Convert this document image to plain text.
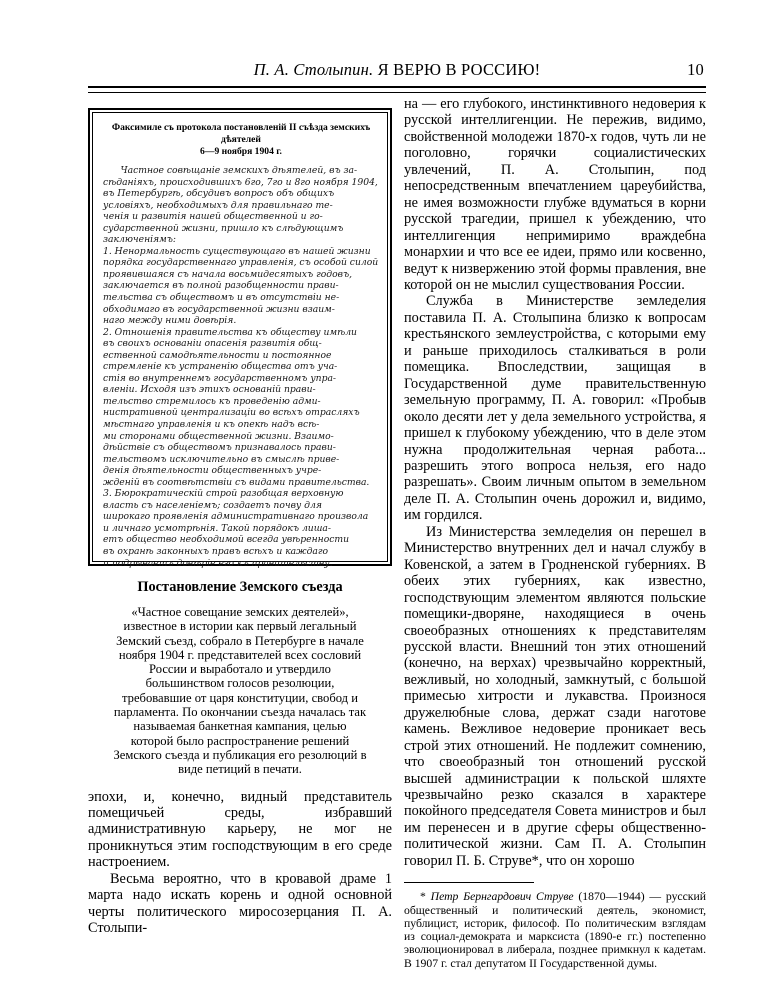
П. А. Столыпин. Я ВЕРЮ В РОССИЮ!	10
Факсимиле съ протокола постановленій II съѣзда земскихъ дѣятелей
6—9 ноября 1904 г.
Частное совѣщаніе земскихъ дѣятелей, въ за-
сѣданіяхъ, происходившихъ 6го, 7го и 8го ноября 1904,
въ Петербургѣ, обсудивъ вопросъ объ общихъ
условіяхъ, необходимыхъ для правильнаго те-
ченія и развитія нашей общественной и го-
сударственной жизни, пришло къ слѣдующимъ
заключеніямъ:
1. Ненормальность существующаго въ нашей жизни
порядка государственнаго управленія, съ особой силой
проявившаяся съ начала восьмидесятыхъ годовъ,
заключается въ полной разобщенности прави-
тельства съ обществомъ и въ отсутствіи не-
обходимаго въ государственной жизни взаим-
наго между ними довѣрія.
2. Отношенія правительства къ обществу имѣли
въ своихъ основаніи опасенія развитія общ-
ественной самодѣятельности и постоянное
стремленіе къ устраненію общества отъ уча-
стія во внутреннемъ государственномъ упра-
вленіи. Исходя изъ этихъ основаній прави-
тельство стремилось къ проведенію адми-
нистративной централизаціи во всѣхъ отрасляхъ
мѣстнаго управленія и къ опекѣ надъ всѣ-
ми сторонами общественной жизни. Взаимо-
дѣйствіе съ обществомъ признавалось прави-
тельствомъ исключительно въ смыслѣ приве-
денія дѣятельности общественныхъ учре-
жденій въ соотвѣтствіи съ видами правительства.
3. Бюрократическій строй разобщая верховную
власть съ населеніемъ; создаетъ почву для
широкаго проявленія административнаго произвола
и личнаго усмотрѣнія. Такой порядокъ лиша-
етъ общество необходимой всегда увѣренности
въ охранѣ законныхъ правъ всѣхъ и каждаго
и подрываетъ довѣріе его къ правительству.
Постановление Земского съезда
«Частное совещание земских деятелей», известное в истории как первый легальный Земский съезд, собрало в Петербурге в начале ноября 1904 г. представителей всех сословий России и выработало и утвердило большинством голосов резолюции, требовавшие от царя конституции, свобод и парламента. По окончании съезда началась так называемая банкетная кампания, целью которой было распространение решений Земского съезда и публикация его резолюций в виде петиций в печати.

эпохи, и, конечно, видный представитель помещичьей среды, избравший административную карьеру, не мог не проникнуться этим господствующим в его среде настроением.

Весьма вероятно, что в кровавой драме 1 марта надо искать корень и одной основной черты политического миросозерцания П. А. Столыпи-

на — его глубокого, инстинктивного недоверия к русской интеллигенции. Не пережив, видимо, свойственной молодежи 1870-х годов, чуть ли не поголовно, горячки социалистических увлечений, П. А. Столыпин, под непосредственным впечатлением цареубийства, не имея возможности глубже вдуматься в корни русской трагедии, пришел к убеждению, что интеллигенция непримиримо враждебна монархии и что все ее идеи, прямо или косвенно, ведут к низвержению этой формы правления, вне которой он не мыслил существования России.

Служба в Министерстве земледелия поставила П. А. Столыпина близко к вопросам крестьянского землеустройства, с которыми ему и раньше приходилось сталкиваться в роли помещика. Впоследствии, защищая в Государственной думе правительственную земельную программу, П. А. говорил: «Пробыв около десяти лет у дела земельного устройства, я пришел к глубокому убеждению, что в деле этом нужна продолжительная черная работа... разрешить этого вопроса нельзя, его надо разрешать». Своим личным опытом в земельном деле П. А. Столыпин очень дорожил и, видимо, им гордился.

Из Министерства земледелия он перешел в Министерство внутренних дел и начал службу в Ковенской, а затем в Гродненской губерниях. В обеих этих губерниях, как известно, господствующим элементом являются польские помещики-дворяне, находящиеся в очень своеобразных отношениях к представителям русской власти. Внешний тон этих отношений (конечно, на верхах) чрезвычайно корректный, вежливый, но холодный, замкнутый, с большой примесью хитрости и лукавства. Произнося дружелюбные слова, держат сзади наготове камень. Вежливое недоверие проникает весь строй этих отношений. Не подлежит сомнению, что своеобразный тон отношений русской высшей администрации к польской шляхте чрезвычайно резко сказался в характере покойного председателя Совета министров и был им перенесен и в другие сферы общественно-политической жизни. Сам П. А. Столыпин говорил П. Б. Струве*, что он хорошо

* Петр Бернгардович Струве (1870—1944) — русский общественный и политический деятель, экономист, публицист, историк, философ. По политическим взглядам из социал-демократа и марксиста (1890-е гг.) постепенно эволюционировал в либерала, позднее примкнул к кадетам. В 1907 г. стал депутатом II Государственной думы.
